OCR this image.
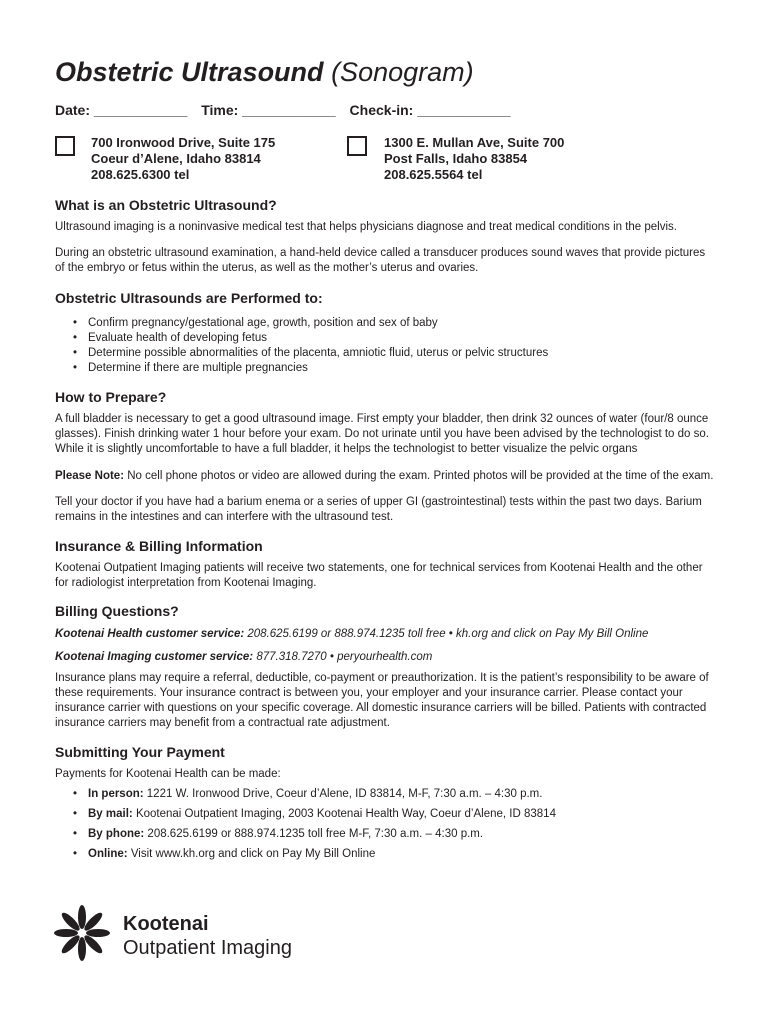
Obstetric Ultrasound (Sonogram)
Date: ____________ Time: ____________ Check-in: ____________
700 Ironwood Drive, Suite 175
Coeur d’Alene, Idaho 83814
208.625.6300 tel
1300 E. Mullan Ave, Suite 700
Post Falls, Idaho 83854
208.625.5564 tel
What is an Obstetric Ultrasound?
Ultrasound imaging is a noninvasive medical test that helps physicians diagnose and treat medical conditions in the pelvis.
During an obstetric ultrasound examination, a hand-held device called a transducer produces sound waves that provide pictures of the embryo or fetus within the uterus, as well as the mother’s uterus and ovaries.
Obstetric Ultrasounds are Performed to:
• Confirm pregnancy/gestational age, growth, position and sex of baby
• Evaluate health of developing fetus
• Determine possible abnormalities of the placenta, amniotic fluid, uterus or pelvic structures
• Determine if there are multiple pregnancies
How to Prepare?
A full bladder is necessary to get a good ultrasound image. First empty your bladder, then drink 32 ounces of water (four/8 ounce glasses). Finish drinking water 1 hour before your exam. Do not urinate until you have been advised by the technologist to do so. While it is slightly uncomfortable to have a full bladder, it helps the technologist to better visualize the pelvic organs
Please Note: No cell phone photos or video are allowed during the exam. Printed photos will be provided at the time of the exam.
Tell your doctor if you have had a barium enema or a series of upper GI (gastrointestinal) tests within the past two days. Barium remains in the intestines and can interfere with the ultrasound test.
Insurance & Billing Information
Kootenai Outpatient Imaging patients will receive two statements, one for technical services from Kootenai Health and the other for radiologist interpretation from Kootenai Imaging.
Billing Questions?
Kootenai Health customer service: 208.625.6199 or 888.974.1235 toll free • kh.org and click on Pay My Bill Online
Kootenai Imaging customer service: 877.318.7270 • peryourhealth.com
Insurance plans may require a referral, deductible, co-payment or preauthorization. It is the patient’s responsibility to be aware of these requirements. Your insurance contract is between you, your employer and your insurance carrier. Please contact your insurance carrier with questions on your specific coverage. All domestic insurance carriers will be billed. Patients with contracted insurance carriers may benefit from a contractual rate adjustment.
Submitting Your Payment
Payments for Kootenai Health can be made:
• In person: 1221 W. Ironwood Drive, Coeur d’Alene, ID 83814, M-F, 7:30 a.m. – 4:30 p.m.
• By mail: Kootenai Outpatient Imaging, 2003 Kootenai Health Way, Coeur d’Alene, ID 83814
• By phone: 208.625.6199 or 888.974.1235 toll free M-F, 7:30 a.m. – 4:30 p.m.
• Online: Visit www.kh.org and click on Pay My Bill Online
Kootenai
Outpatient Imaging
